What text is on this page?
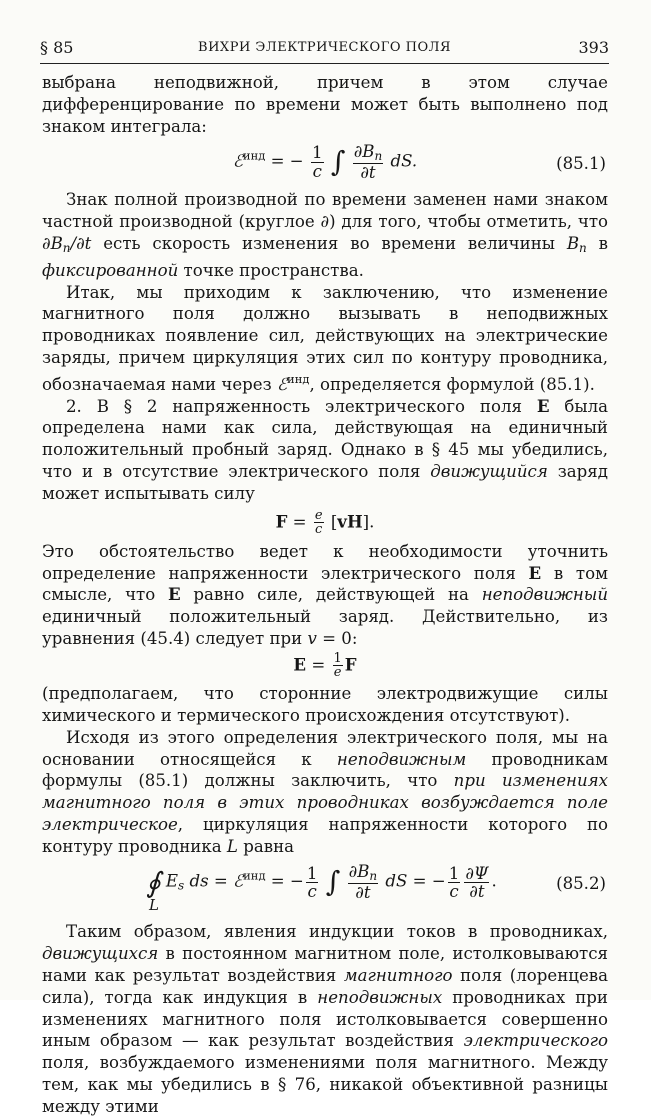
§ 85	ВИХРИ ЭЛЕКТРИЧЕСКОГО ПОЛЯ	393

выбрана неподвижной, причем в этом случае дифференцирование по времени может быть выполнено под знаком интеграла:

ℰ$^{инд}$ = − $\frac{1}{c}$ ∫ $\frac{\partial B_n}{\partial t}$ dS.	(85.1)

Знак полной производной по времени заменен нами знаком частной производной (круглое ∂) для того, чтобы отметить, что $\partial B_n/\partial t$ есть скорость изменения во времени величины $B_n$ в фиксированной точке пространства.

Итак, мы приходим к заключению, что изменение магнитного поля должно вызывать в неподвижных проводниках появление сил, действующих на электрические заряды, причем циркуляция этих сил по контуру проводника, обозначаемая нами через ℰ$^{инд}$, определяется формулой (85.1).

2. В § 2 напряженность электрического поля E была определена нами как сила, действующая на единичный положительный пробный заряд. Однако в § 45 мы убедились, что и в отсутствие электрического поля движущийся заряд может испытывать силу

$F = \frac{e}{c} [vH]$.

Это обстоятельство ведет к необходимости уточнить определение напряженности электрического поля E в том смысле, что E равно силе, действующей на неподвижный единичный положительный заряд. Действительно, из уравнения (45.4) следует при v = 0:

$E = \frac{1}{e}$ F

(предполагаем, что сторонние электродвижущие силы химического и термического происхождения отсутствуют).

Исходя из этого определения электрического поля, мы на основании относящейся к неподвижным проводникам формулы (85.1) должны заключить, что при изменениях магнитного поля в этих проводниках возбуждается поле электрическое, циркуляция напряженности которого по контуру проводника L равна

∮ $E_s$ ds = ℰ$^{инд}$ = − $\frac{1}{c}$ ∫ $\frac{\partial B_n}{\partial t}$ dS = − $\frac{1}{c} \frac{\partial\Psi}{\partial t}$ .
L
(85.2)

Таким образом, явления индукции токов в проводниках, движущихся в постоянном магнитном поле, истолковываются нами как результат воздействия магнитного поля (лоренцева сила), тогда как индукция в неподвижных проводниках при изменениях магнитного поля истолковывается совершенно иным образом — как результат воздействия электрического поля, возбуждаемого изменениями поля магнитного. Между тем, как мы убедились в § 76, никакой объективной разницы между этими
